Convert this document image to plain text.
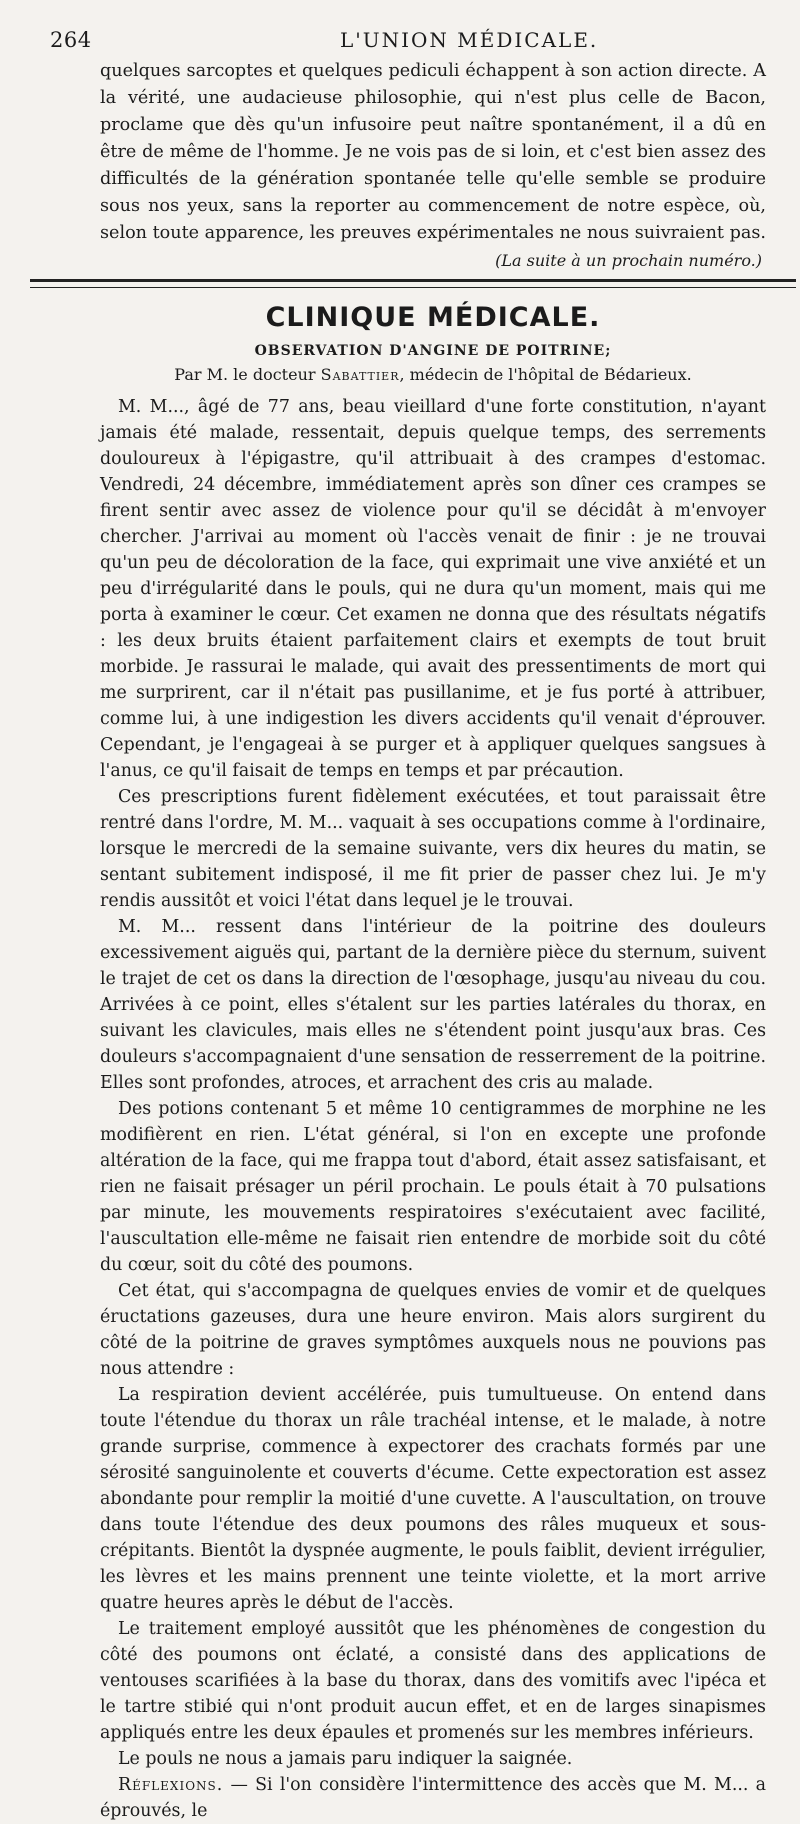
264	L'UNION MÉDICALE.

quelques sarcoptes et quelques pediculi échappent à son action directe. A la vérité, une audacieuse philosophie, qui n'est plus celle de Bacon, proclame que dès qu'un infusoire peut naître spontanément, il a dû en être de même de l'homme. Je ne vois pas de si loin, et c'est bien assez des difficultés de la génération spontanée telle qu'elle semble se produire sous nos yeux, sans la reporter au commencement de notre espèce, où, selon toute apparence, les preuves expérimentales ne nous suivraient pas.

(La suite à un prochain numéro.)
CLINIQUE MÉDICALE.
OBSERVATION D'ANGINE DE POITRINE;
Par M. le docteur Sabattier, médecin de l'hôpital de Bédarieux.

M. M..., âgé de 77 ans, beau vieillard d'une forte constitution, n'ayant jamais été malade, ressentait, depuis quelque temps, des serrements douloureux à l'épigastre, qu'il attribuait à des crampes d'estomac. Vendredi, 24 décembre, immédiatement après son dîner ces crampes se firent sentir avec assez de violence pour qu'il se décidât à m'envoyer chercher. J'arrivai au moment où l'accès venait de finir : je ne trouvai qu'un peu de décoloration de la face, qui exprimait une vive anxiété et un peu d'irrégularité dans le pouls, qui ne dura qu'un moment, mais qui me porta à examiner le cœur. Cet examen ne donna que des résultats négatifs : les deux bruits étaient parfaitement clairs et exempts de tout bruit morbide. Je rassurai le malade, qui avait des pressentiments de mort qui me surprirent, car il n'était pas pusillanime, et je fus porté à attribuer, comme lui, à une indigestion les divers accidents qu'il venait d'éprouver. Cependant, je l'engageai à se purger et à appliquer quelques sangsues à l'anus, ce qu'il faisait de temps en temps et par précaution.

Ces prescriptions furent fidèlement exécutées, et tout paraissait être rentré dans l'ordre, M. M... vaquait à ses occupations comme à l'ordinaire, lorsque le mercredi de la semaine suivante, vers dix heures du matin, se sentant subitement indisposé, il me fit prier de passer chez lui. Je m'y rendis aussitôt et voici l'état dans lequel je le trouvai.

M. M... ressent dans l'intérieur de la poitrine des douleurs excessivement aiguës qui, partant de la dernière pièce du sternum, suivent le trajet de cet os dans la direction de l'œsophage, jusqu'au niveau du cou. Arrivées à ce point, elles s'étalent sur les parties latérales du thorax, en suivant les clavicules, mais elles ne s'étendent point jusqu'aux bras. Ces douleurs s'accompagnaient d'une sensation de resserrement de la poitrine. Elles sont profondes, atroces, et arrachent des cris au malade.

Des potions contenant 5 et même 10 centigrammes de morphine ne les modifièrent en rien. L'état général, si l'on en excepte une profonde altération de la face, qui me frappa tout d'abord, était assez satisfaisant, et rien ne faisait présager un péril prochain. Le pouls était à 70 pulsations par minute, les mouvements respiratoires s'exécutaient avec facilité, l'auscultation elle-même ne faisait rien entendre de morbide soit du côté du cœur, soit du côté des poumons.

Cet état, qui s'accompagna de quelques envies de vomir et de quelques éructations gazeuses, dura une heure environ. Mais alors surgirent du côté de la poitrine de graves symptômes auxquels nous ne pouvions pas nous attendre :

La respiration devient accélérée, puis tumultueuse. On entend dans toute l'étendue du thorax un râle trachéal intense, et le malade, à notre grande surprise, commence à expectorer des crachats formés par une sérosité sanguinolente et couverts d'écume. Cette expectoration est assez abondante pour remplir la moitié d'une cuvette. A l'auscultation, on trouve dans toute l'étendue des deux poumons des râles muqueux et sous-crépitants. Bientôt la dyspnée augmente, le pouls faiblit, devient irrégulier, les lèvres et les mains prennent une teinte violette, et la mort arrive quatre heures après le début de l'accès.

Le traitement employé aussitôt que les phénomènes de congestion du côté des poumons ont éclaté, a consisté dans des applications de ventouses scarifiées à la base du thorax, dans des vomitifs avec l'ipéca et le tartre stibié qui n'ont produit aucun effet, et en de larges sinapismes appliqués entre les deux épaules et promenés sur les membres inférieurs.

Le pouls ne nous a jamais paru indiquer la saignée.

Réflexions. — Si l'on considère l'intermittence des accès que M. M... a éprouvés, le
